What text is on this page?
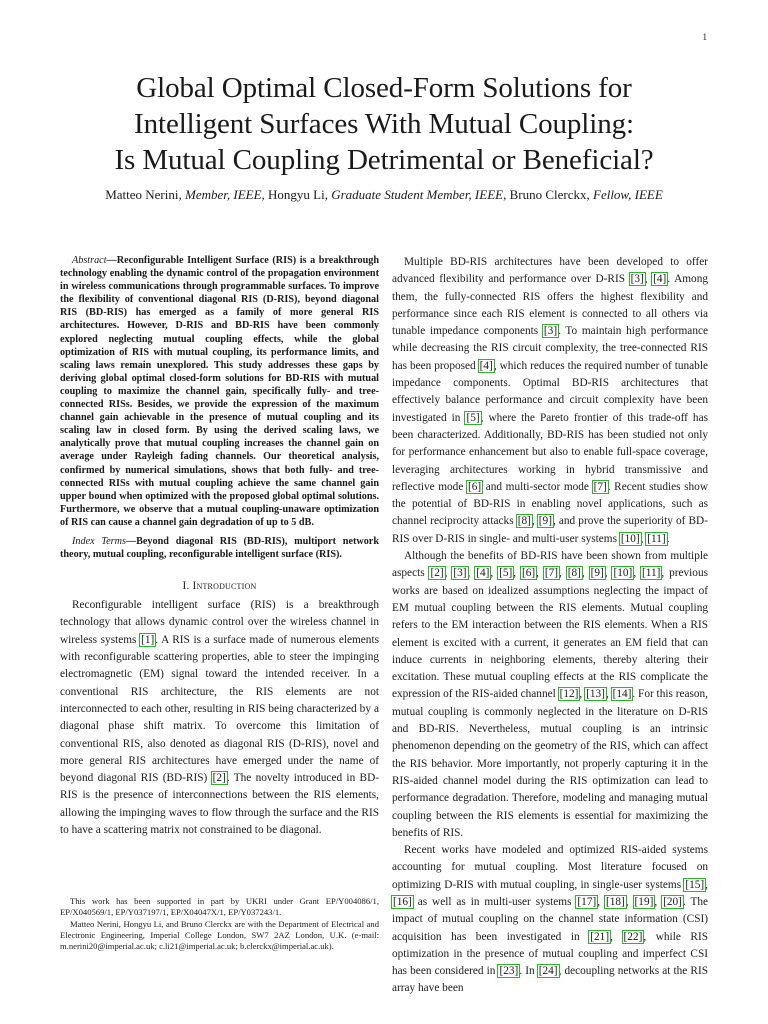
1
Global Optimal Closed-Form Solutions for
Intelligent Surfaces With Mutual Coupling:
Is Mutual Coupling Detrimental or Beneficial?
Matteo Nerini, Member, IEEE, Hongyu Li, Graduate Student Member, IEEE, Bruno Clerckx, Fellow, IEEE

Abstract—Reconfigurable Intelligent Surface (RIS) is a breakthrough technology enabling the dynamic control of the propagation environment in wireless communications through programmable surfaces. To improve the flexibility of conventional diagonal RIS (D-RIS), beyond diagonal RIS (BD-RIS) has emerged as a family of more general RIS architectures. However, D-RIS and BD-RIS have been commonly explored neglecting mutual coupling effects, while the global optimization of RIS with mutual coupling, its performance limits, and scaling laws remain unexplored. This study addresses these gaps by deriving global optimal closed-form solutions for BD-RIS with mutual coupling to maximize the channel gain, specifically fully- and tree-connected RISs. Besides, we provide the expression of the maximum channel gain achievable in the presence of mutual coupling and its scaling law in closed form. By using the derived scaling laws, we analytically prove that mutual coupling increases the channel gain on average under Rayleigh fading channels. Our theoretical analysis, confirmed by numerical simulations, shows that both fully- and tree-connected RISs with mutual coupling achieve the same channel gain upper bound when optimized with the proposed global optimal solutions. Furthermore, we observe that a mutual coupling-unaware optimization of RIS can cause a channel gain degradation of up to 5 dB.

Index Terms—Beyond diagonal RIS (BD-RIS), multiport network theory, mutual coupling, reconfigurable intelligent surface (RIS).

I. Introduction

Reconfigurable intelligent surface (RIS) is a breakthrough technology that allows dynamic control over the wireless channel in wireless systems [1]. A RIS is a surface made of numerous elements with reconfigurable scattering properties, able to steer the impinging electromagnetic (EM) signal toward the intended receiver. In a conventional RIS architecture, the RIS elements are not interconnected to each other, resulting in RIS being characterized by a diagonal phase shift matrix. To overcome this limitation of conventional RIS, also denoted as diagonal RIS (D-RIS), novel and more general RIS architectures have emerged under the name of beyond diagonal RIS (BD-RIS) [2]. The novelty introduced in BD-RIS is the presence of interconnections between the RIS elements, allowing the impinging waves to flow through the surface and the RIS to have a scattering matrix not constrained to be diagonal.

This work has been supported in part by UKRI under Grant EP/Y004086/1, EP/X040569/1, EP/Y037197/1, EP/X04047X/1, EP/Y037243/1.

Matteo Nerini, Hongyu Li, and Bruno Clerckx are with the Department of Electrical and Electronic Engineering, Imperial College London, SW7 2AZ London, U.K. (e-mail: m.nerini20@imperial.ac.uk; c.li21@imperial.ac.uk; b.clerckx@imperial.ac.uk).

Multiple BD-RIS architectures have been developed to offer advanced flexibility and performance over D-RIS [3], [4]. Among them, the fully-connected RIS offers the highest flexibility and performance since each RIS element is connected to all others via tunable impedance components [3]. To maintain high performance while decreasing the RIS circuit complexity, the tree-connected RIS has been proposed [4], which reduces the required number of tunable impedance components. Optimal BD-RIS architectures that effectively balance performance and circuit complexity have been investigated in [5], where the Pareto frontier of this trade-off has been characterized. Additionally, BD-RIS has been studied not only for performance enhancement but also to enable full-space coverage, leveraging architectures working in hybrid transmissive and reflective mode [6] and multi-sector mode [7]. Recent studies show the potential of BD-RIS in enabling novel applications, such as channel reciprocity attacks [8], [9], and prove the superiority of BD-RIS over D-RIS in single- and multi-user systems [10], [11].

Although the benefits of BD-RIS have been shown from multiple aspects [2], [3], [4], [5], [6], [7], [8], [9], [10], [11], previous works are based on idealized assumptions neglecting the impact of EM mutual coupling between the RIS elements. Mutual coupling refers to the EM interaction between the RIS elements. When a RIS element is excited with a current, it generates an EM field that can induce currents in neighboring elements, thereby altering their excitation. These mutual coupling effects at the RIS complicate the expression of the RIS-aided channel [12], [13], [14]. For this reason, mutual coupling is commonly neglected in the literature on D-RIS and BD-RIS. Nevertheless, mutual coupling is an intrinsic phenomenon depending on the geometry of the RIS, which can affect the RIS behavior. More importantly, not properly capturing it in the RIS-aided channel model during the RIS optimization can lead to performance degradation. Therefore, modeling and managing mutual coupling between the RIS elements is essential for maximizing the benefits of RIS.

Recent works have modeled and optimized RIS-aided systems accounting for mutual coupling. Most literature focused on optimizing D-RIS with mutual coupling, in single-user systems [15], [16] as well as in multi-user systems [17], [18], [19], [20]. The impact of mutual coupling on the channel state information (CSI) acquisition has been investigated in [21], [22], while RIS optimization in the presence of mutual coupling and imperfect CSI has been considered in [23]. In [24], decoupling networks at the RIS array have been
